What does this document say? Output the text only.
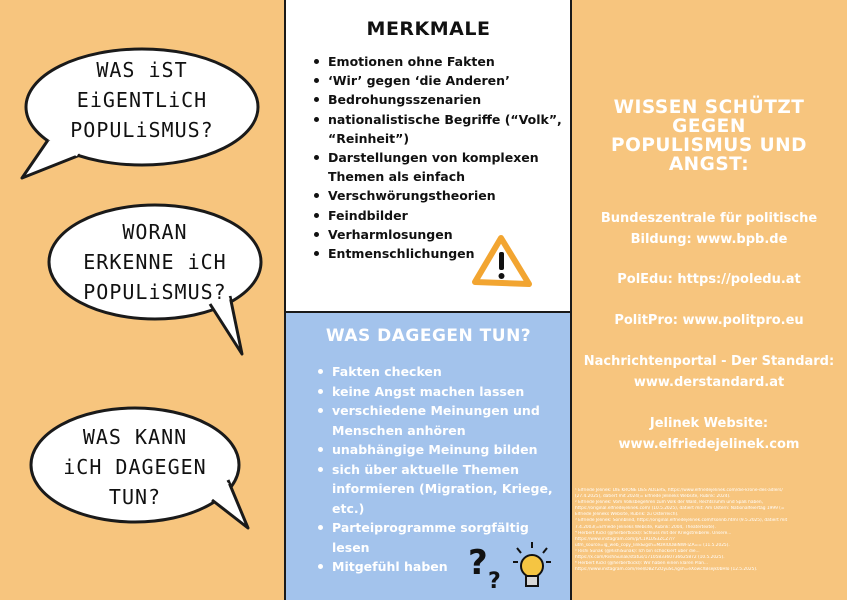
WAS iST
EiGENTLiCH
POPULiSMUS?
WORAN
ERKENNE iCH
POPULiSMUS?
WAS KANN
iCH DAGEGEN
TUN?
MERKMALE
Emotionen ohne Fakten
‘Wir’ gegen ‘die Anderen’
Bedrohungsszenarien
nationalistische Begriffe (“Volk”, “Reinheit”)
Darstellungen von komplexen Themen als einfach
Verschwörungstheorien
Feindbilder
Verharmlosungen
Entmenschlichungen
WAS DAGEGEN TUN?
Fakten checken
keine Angst machen lassen
verschiedene Meinungen und Menschen anhören
unabhängige Meinung bilden
sich über aktuelle Themen informieren (Migration, Kriege, etc.)
Parteiprogramme sorgfältig lesen
Mitgefühl haben ? ?
WISSEN SCHÜTZT
GEGEN
POPULISMUS UND
ANGST:
Bundeszentrale für politische
Bildung: www.bpb.de
PolEdu: https://poledu.at
PolitPro: www.politpro.eu
Nachrichtenportal - Der Standard:
www.derstandard.at
Jelinek Website:
www.elfriedejelinek.com
¹ Elfriede Jelinek: DIE KRONE DES ADLERS, https://www.elfriedejelinek.com/die-krone-des-adlers/
(27.4.2025), datiert mit 2024(= Elfriede Jelineks Website, Rubrik: 2024).
² Elfriede Jelinek: Vom Volksbegehren zum Volk der Wald, Rechtsruhm und Spaß haben,
https://original.elfriedejelinek.com/ (10.5.2025), datiert mit: Am Ostern: Nationalfeiertag 1999 (=
Elfriede Jelineks Website, Rubrik: zu Österreich).
³ Elfriede Jelinek: Sonnblind, https://original.elfriedejelinek.com/fsonnb.html (9.5.2025), datiert mit
7.4.2003(=Elfriede Jelineks Website, Rubrik: 2004, Theatertexte).
⁴ Herbert Kickl (@herbertkickl): Schluss mit der Kriegstreiberei. Unsere...
https://www.instagram.com/p/C1RLUS3ZCZ7/?
utm_source=ig_web_copy_link&igsh=MzRlODBiNWFlZA== (11.5.2025).
⁵ Rishi Sunak (@RishiSunak): Ich bin schockiert über die...
https://x.com/RishiSunak/status/1710583360736625872 (10.5.2025).
⁶ Herbert Kickl (@herbertkickl): Wir haben einen klaren Plan...
https://www.instagram.com/reel/DBZYZOyuSC/igsh=eXowcXBsejk0bHlo (12.5.2025).
